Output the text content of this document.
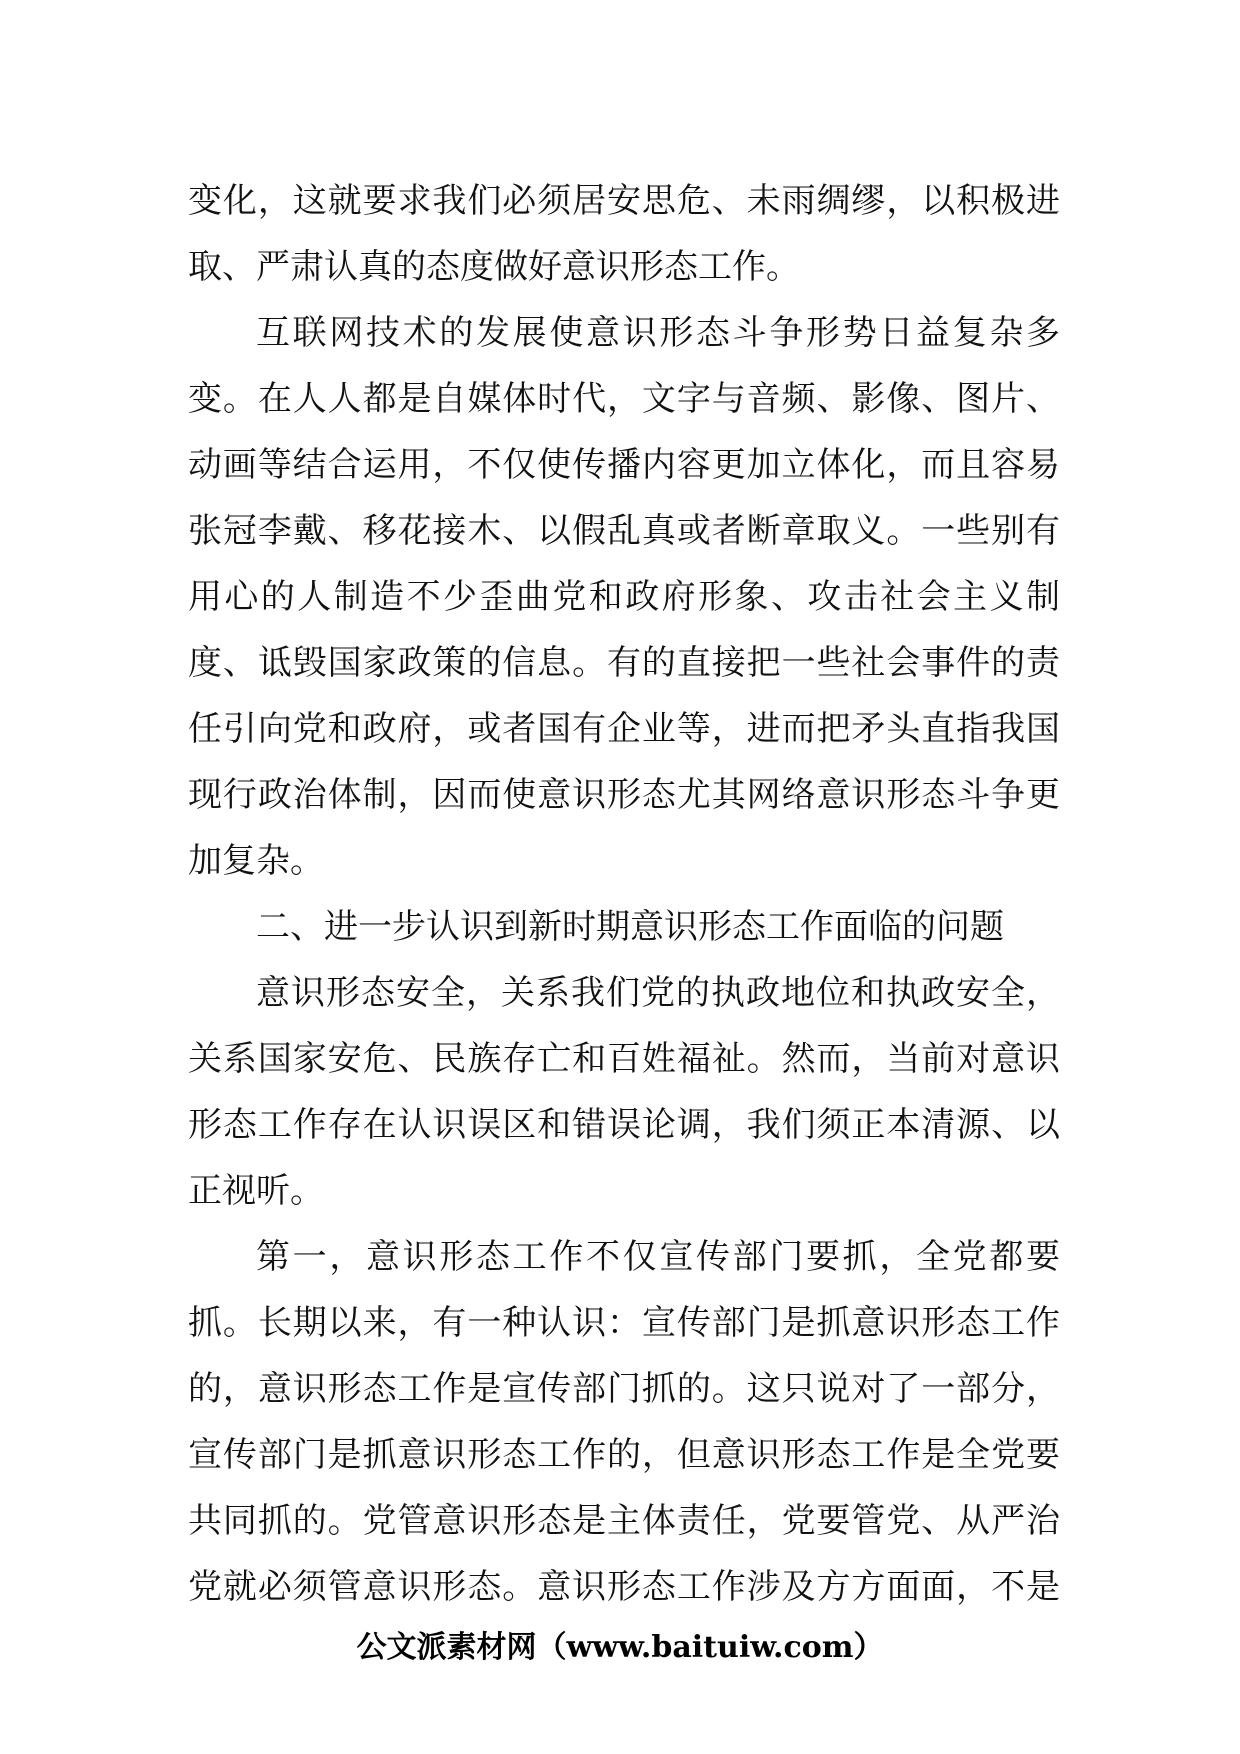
变化，这就要求我们必须居安思危、未雨绸缪，以积极进
取、严肃认真的态度做好意识形态工作。
互联网技术的发展使意识形态斗争形势日益复杂多
变。在人人都是自媒体时代，文字与音频、影像、图片、
动画等结合运用，不仅使传播内容更加立体化，而且容易
张冠李戴、移花接木、以假乱真或者断章取义。一些别有
用心的人制造不少歪曲党和政府形象、攻击社会主义制
度、诋毁国家政策的信息。有的直接把一些社会事件的责
任引向党和政府，或者国有企业等，进而把矛头直指我国
现行政治体制，因而使意识形态尤其网络意识形态斗争更
加复杂。
二、进一步认识到新时期意识形态工作面临的问题
意识形态安全，关系我们党的执政地位和执政安全，
关系国家安危、民族存亡和百姓福祉。然而，当前对意识
形态工作存在认识误区和错误论调，我们须正本清源、以
正视听。
第一，意识形态工作不仅宣传部门要抓，全党都要
抓。长期以来，有一种认识：宣传部门是抓意识形态工作
的，意识形态工作是宣传部门抓的。这只说对了一部分，
宣传部门是抓意识形态工作的，但意识形态工作是全党要
共同抓的。党管意识形态是主体责任，党要管党、从严治
党就必须管意识形态。意识形态工作涉及方方面面，不是
公文派素材网（www.baituiw.com）
